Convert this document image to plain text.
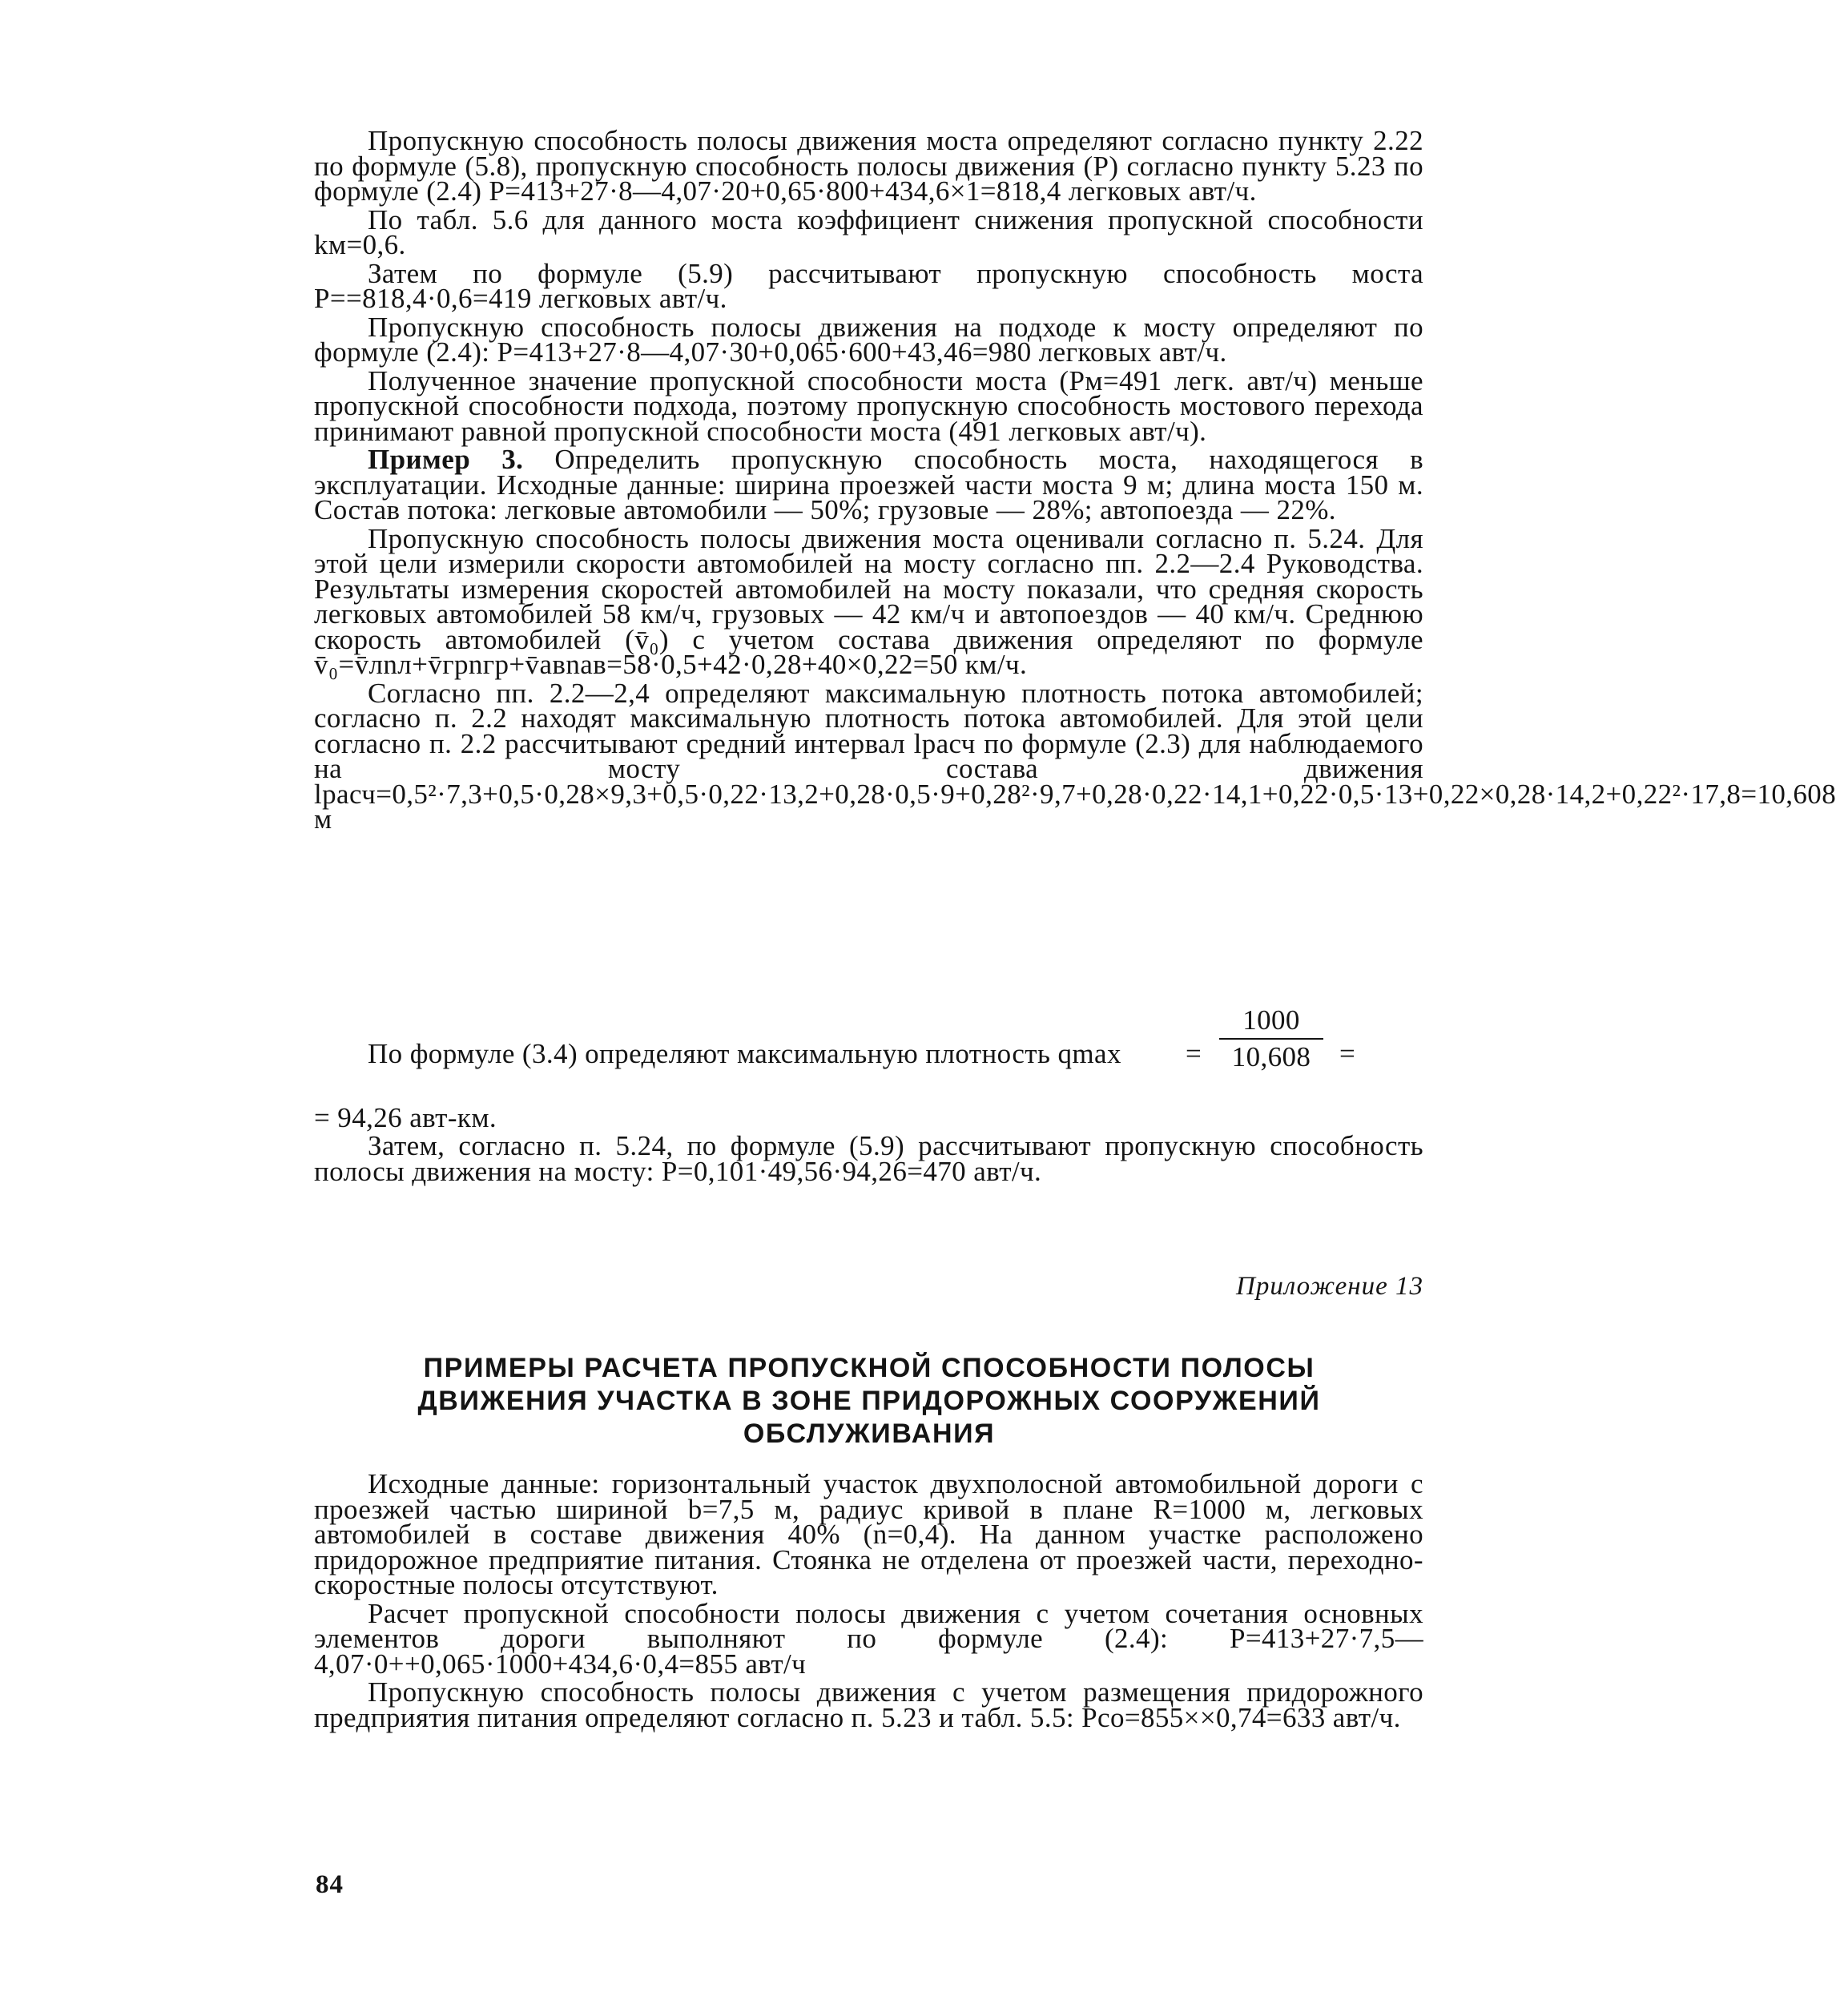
Пропускную способность полосы движения моста определяют согласно пункту 2.22 по формуле (5.8), пропускную способность полосы движения (P) согласно пункту 5.23 по формуле (2.4) P=413+27·8—4,07·20+0,65·800+434,6×1=818,4 легковых авт/ч.

По табл. 5.6 для данного моста коэффициент снижения пропускной способности kм=0,6.

Затем по формуле (5.9) рассчитывают пропускную способность моста P==818,4·0,6=419 легковых авт/ч.

Пропускную способность полосы движения на подходе к мосту определяют по формуле (2.4): P=413+27·8—4,07·30+0,065·600+43,46=980 легковых авт/ч.

Полученное значение пропускной способности моста (Pм=491 легк. авт/ч) меньше пропускной способности подхода, поэтому пропускную способность мостового перехода принимают равной пропускной способности моста (491 легковых авт/ч).

Пример 3. Определить пропускную способность моста, находящегося в эксплуатации. Исходные данные: ширина проезжей части моста 9 м; длина моста 150 м. Состав потока: легковые автомобили — 50%; грузовые — 28%; автопоезда — 22%.

Пропускную способность полосы движения моста оценивали согласно п. 5.24. Для этой цели измерили скорости автомобилей на мосту согласно пп. 2.2—2.4 Руководства. Результаты измерения скоростей автомобилей на мосту показали, что средняя скорость легковых автомобилей 58 км/ч, грузовых — 42 км/ч и автопоездов — 40 км/ч. Среднюю скорость автомобилей (v̄₀) с учетом состава движения определяют по формуле v̄₀=v̄лnл+v̄грnгр+v̄авnав=58·0,5+42·0,28+40×0,22=50 км/ч.

Согласно пп. 2.2—2,4 определяют максимальную плотность потока автомобилей; согласно п. 2.2 находят максимальную плотность потока автомобилей. Для этой цели согласно п. 2.2 рассчитывают средний интервал lрасч по формуле (2.3) для наблюдаемого на мосту состава движения lрасч=0,5²·7,3+0,5·0,28×9,3+0,5·0,22·13,2+0,28·0,5·9+0,28²·9,7+0,28·0,22·14,1+0,22·0,5·13+0,22×0,28·14,2+0,22²·17,8=10,608 м

По формуле (3.4) определяют максимальную плотность qmax =
1000
10,608	=
= 94,26 авт-км.

Затем, согласно п. 5.24, по формуле (5.9) рассчитывают пропускную способность полосы движения на мосту: P=0,101·49,56·94,26=470 авт/ч.

Приложение 13
ПРИМЕРЫ РАСЧЕТА ПРОПУСКНОЙ СПОСОБНОСТИ ПОЛОСЫ ДВИЖЕНИЯ УЧАСТКА В ЗОНЕ ПРИДОРОЖНЫХ СООРУЖЕНИЙ ОБСЛУЖИВАНИЯ

Исходные данные: горизонтальный участок двухполосной автомобильной дороги с проезжей частью шириной b=7,5 м, радиус кривой в плане R=1000 м, легковых автомобилей в составе движения 40% (n=0,4). На данном участке расположено придорожное предприятие питания. Стоянка не отделена от проезжей части, переходно-скоростные полосы отсутствуют.

Расчет пропускной способности полосы движения с учетом сочетания основных элементов дороги выполняют по формуле (2.4): P=413+27·7,5—4,07·0++0,065·1000+434,6·0,4=855 авт/ч

Пропускную способность полосы движения с учетом размещения придорожного предприятия питания определяют согласно п. 5.23 и табл. 5.5: Pсо=855××0,74=633 авт/ч.

84
